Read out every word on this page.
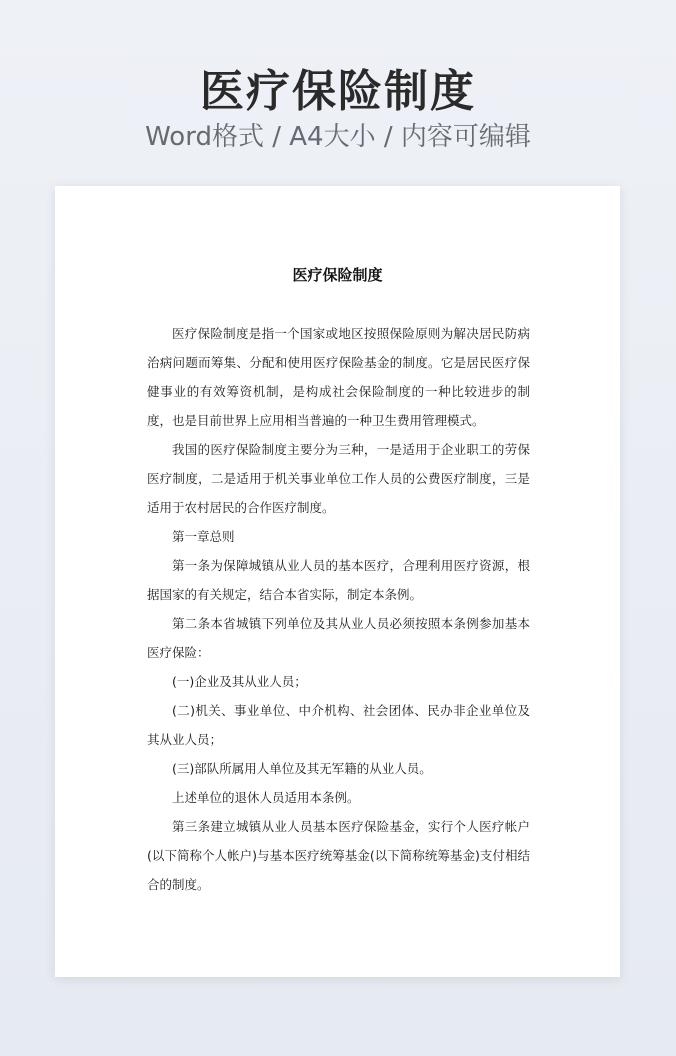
医疗保险制度
Word格式 / A4大小 / 内容可编辑
医疗保险制度

医疗保险制度是指一个国家或地区按照保险原则为解决居民防病治病问题而筹集、分配和使用医疗保险基金的制度。它是居民医疗保健事业的有效筹资机制，是构成社会保险制度的一种比较进步的制度，也是目前世界上应用相当普遍的一种卫生费用管理模式。

我国的医疗保险制度主要分为三种，一是适用于企业职工的劳保医疗制度，二是适用于机关事业单位工作人员的公费医疗制度，三是适用于农村居民的合作医疗制度。

第一章总则

第一条为保障城镇从业人员的基本医疗，合理利用医疗资源，根据国家的有关规定，结合本省实际，制定本条例。

第二条本省城镇下列单位及其从业人员必须按照本条例参加基本医疗保险：

(一)企业及其从业人员；

(二)机关、事业单位、中介机构、社会团体、民办非企业单位及其从业人员；

(三)部队所属用人单位及其无军籍的从业人员。

上述单位的退休人员适用本条例。

第三条建立城镇从业人员基本医疗保险基金，实行个人医疗帐户(以下简称个人帐户)与基本医疗统筹基金(以下简称统筹基金)支付相结合的制度。
